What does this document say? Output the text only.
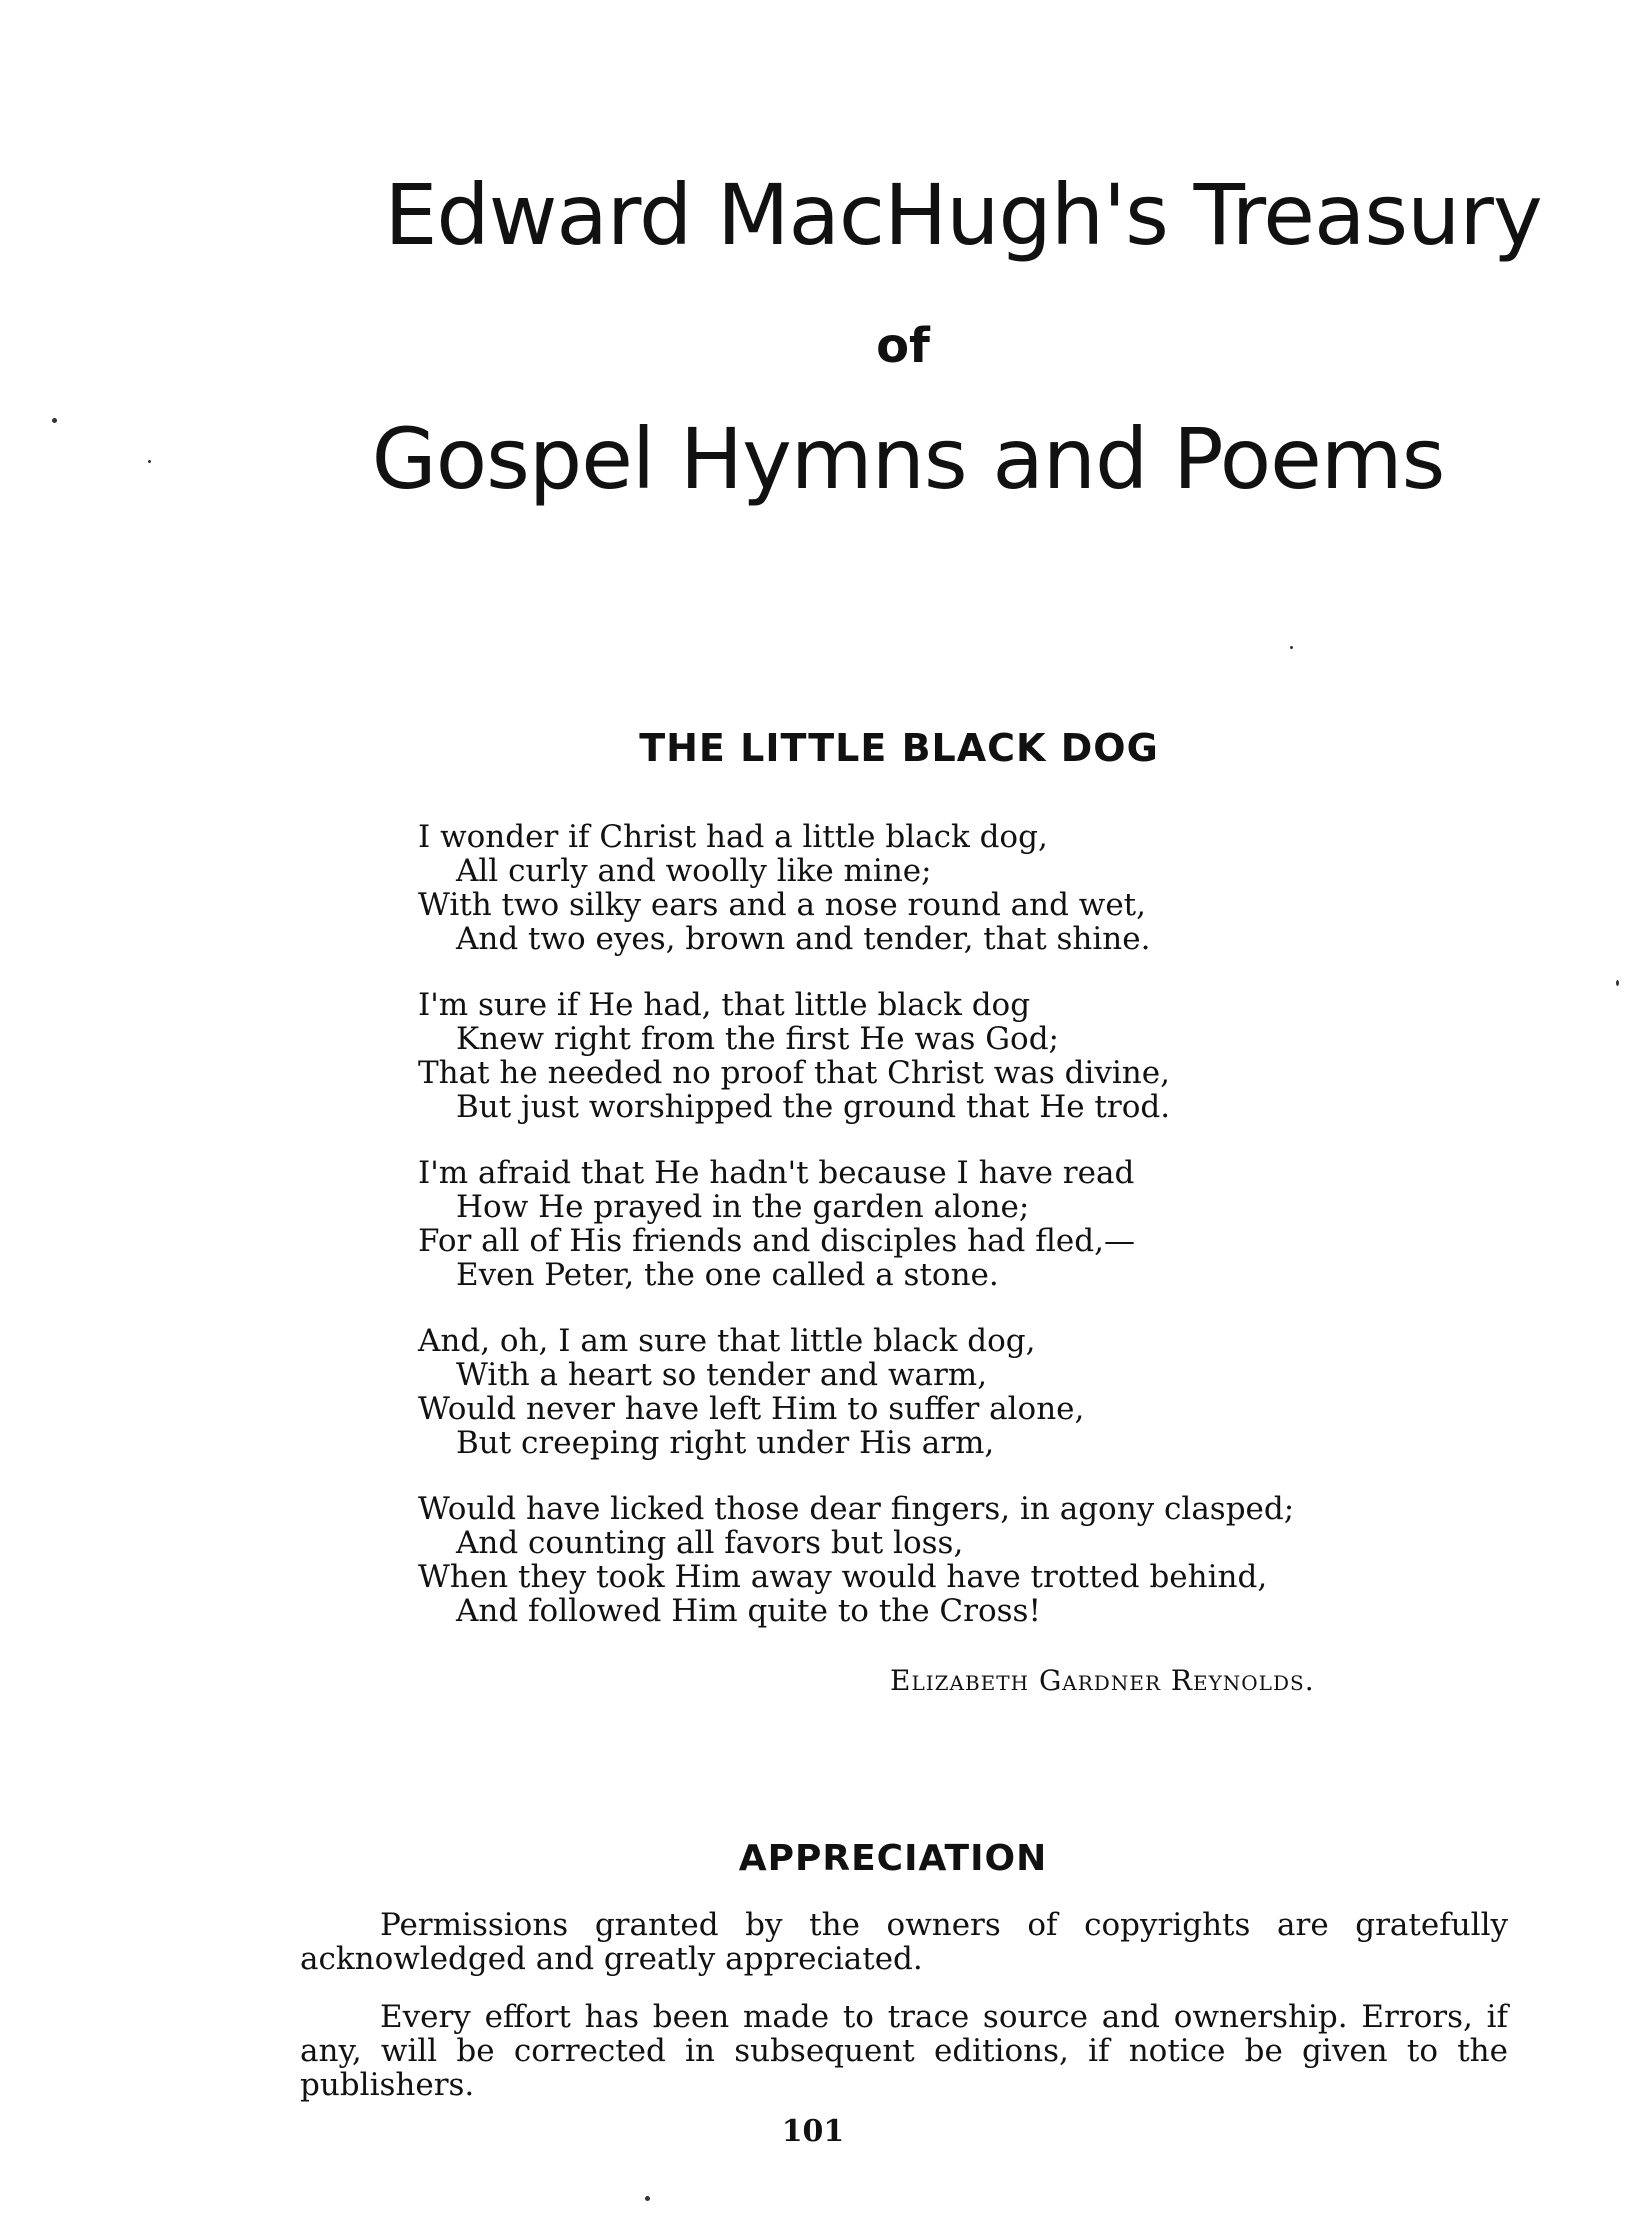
Edward MacHugh's Treasury
of
Gospel Hymns and Poems
THE LITTLE BLACK DOG
I wonder if Christ had a little black dog,
All curly and woolly like mine;
With two silky ears and a nose round and wet,
And two eyes, brown and tender, that shine.
I'm sure if He had, that little black dog
Knew right from the first He was God;
That he needed no proof that Christ was divine,
But just worshipped the ground that He trod.
I'm afraid that He hadn't because I have read
How He prayed in the garden alone;
For all of His friends and disciples had fled,—
Even Peter, the one called a stone.
And, oh, I am sure that little black dog,
With a heart so tender and warm,
Would never have left Him to suffer alone,
But creeping right under His arm,
Would have licked those dear fingers, in agony clasped;
And counting all favors but loss,
When they took Him away would have trotted behind,
And followed Him quite to the Cross!
Elizabeth Gardner Reynolds.
APPRECIATION

Permissions granted by the owners of copyrights are gratefully acknowledged and greatly appreciated.

Every effort has been made to trace source and ownership. Errors, if any, will be corrected in subsequent editions, if notice be given to the publishers.

101
